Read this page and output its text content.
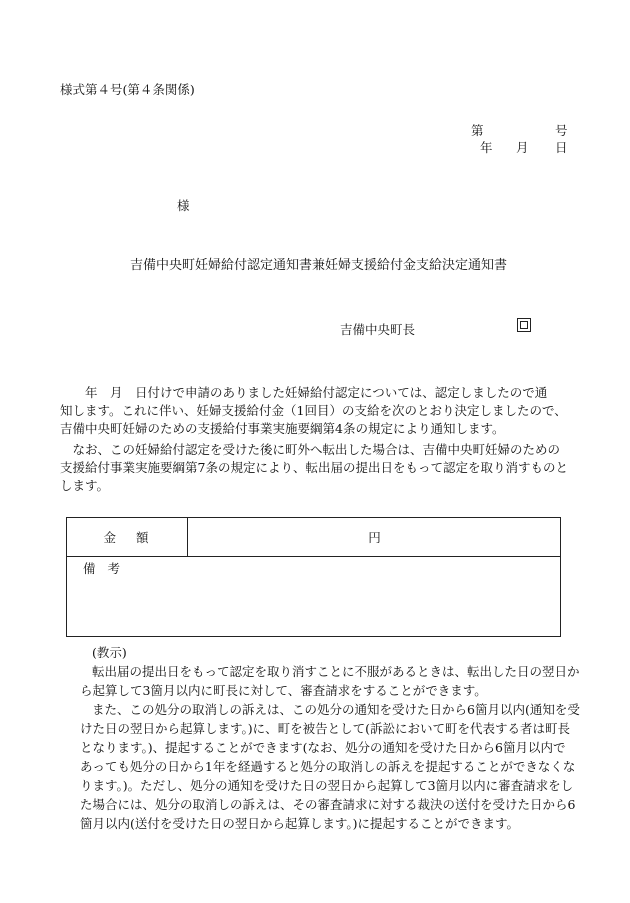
様式第４号(第４条関係)
第	号
年 月 日
様
吉備中央町妊婦給付認定通知書兼妊婦支援給付金支給決定通知書
吉備中央町長
　　年　月　日付けで申請のありました妊婦給付認定については、認定しましたので通
知します。これに伴い、妊婦支援給付金（1回目）の支給を次のとおり決定しましたので、
吉備中央町妊婦のための支援給付事業実施要綱第4条の規定により通知します。
　なお、この妊婦給付認定を受けた後に町外へ転出した場合は、吉備中央町妊婦のための
支援給付事業実施要綱第7条の規定により、転出届の提出日をもって認定を取り消すものと
します。
金額	円
備考
(教示)
転出届の提出日をもって認定を取り消すことに不服があるときは、転出した日の翌日か
ら起算して3箇月以内に町長に対して、審査請求をすることができます。
また、この処分の取消しの訴えは、この処分の通知を受けた日から6箇月以内(通知を受
けた日の翌日から起算します。)に、町を被告として(訴訟において町を代表する者は町長
となります。)、提起することができます(なお、処分の通知を受けた日から6箇月以内で
あっても処分の日から1年を経過すると処分の取消しの訴えを提起することができなくな
ります。)。ただし、処分の通知を受けた日の翌日から起算して3箇月以内に審査請求をし
た場合には、処分の取消しの訴えは、その審査請求に対する裁決の送付を受けた日から6
箇月以内(送付を受けた日の翌日から起算します。)に提起することができます。
